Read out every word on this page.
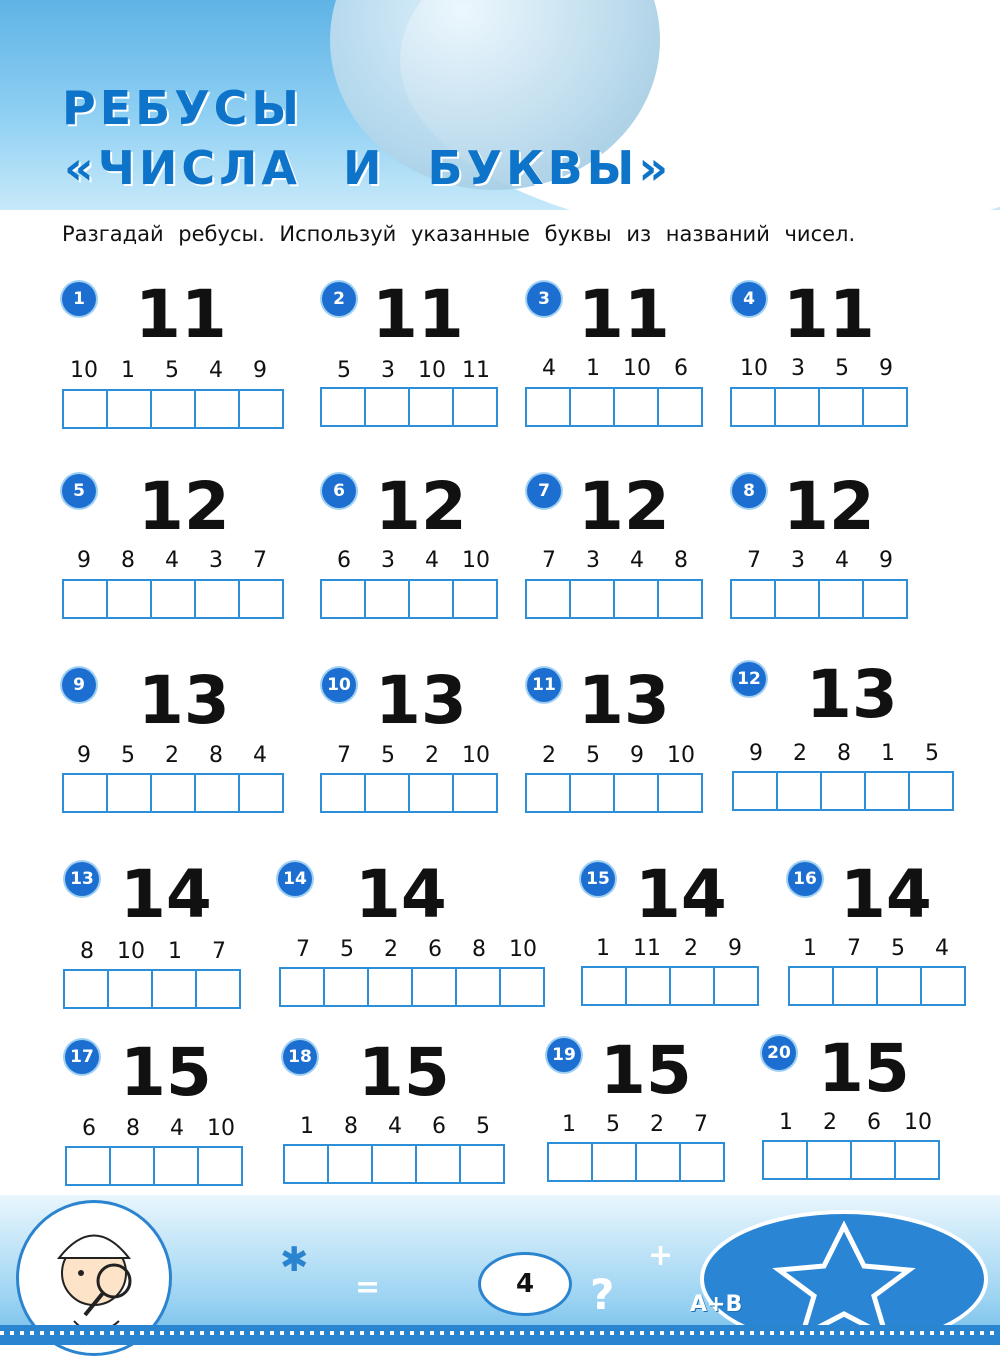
РЕБУСЫ
«ЧИСЛА И БУКВЫ»
Разгадай ребусы. Используй указанные буквы из названий чисел.
1 11
10	1	5	4	9
2 11
5	3	10 11
3 11
4	1	10	6
4 11
10	3	5	9
5 12
9	8	4	3	7
6 12
6	3	4	10
7 12
7	3	4	8
8 12
7	3	4	9
9 13
9	5	2	8	4
10 13
7	5	2	10
11 13
2	5	9	10
12 13
9	2	8	1	5
13 14
8	10	1	7
14 14
7	5	2	6	8	10
15 14
1	11	2	9
16 14
1	7	5	4
17 15
6	8	4	10
18 15
1	8	4	6	5
19 15
1	5	2	7
20 15
1	2	6	10
=	?
+
✱
A+B
4
